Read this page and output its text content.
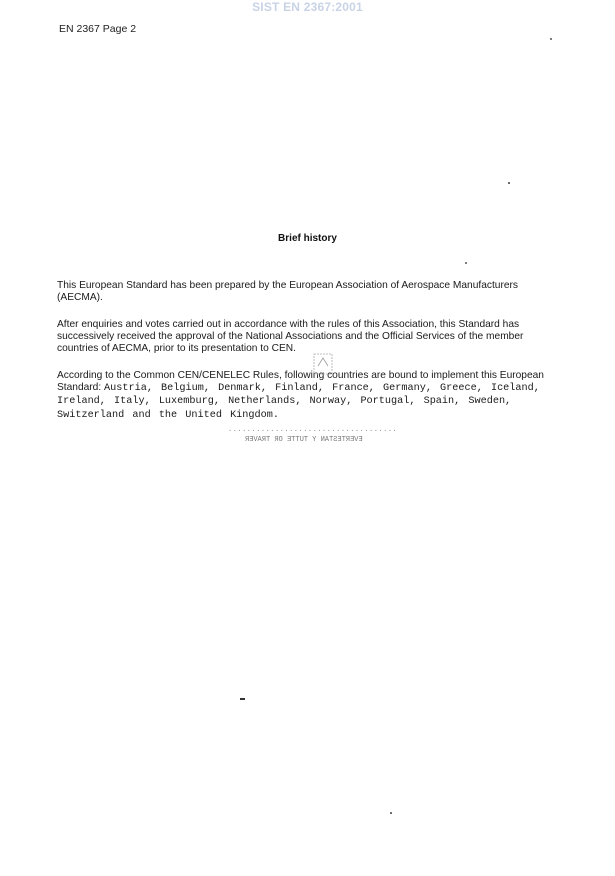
SIST EN 2367:2001
EN 2367 Page 2
Brief history
This European Standard has been prepared by the European Association of Aerospace Manufacturers (AECMA).
After enquiries and votes carried out in accordance with the rules of this Association, this Standard has successively received the approval of the National Associations and the Official Services of the member countries of AECMA, prior to its presentation to CEN.
According to the Common CEN/CENELEC Rules, following countries are bound to implement this European Standard: Austria, Belgium, Denmark, Finland, France, Germany, Greece, Iceland, Ireland, Italy, Luxemburg, Netherlands, Norway, Portugal, Spain, Sweden, Switzerland and the United Kingdom.
....................................
EVERTESTAN Y TUTTE OR TRAVER
